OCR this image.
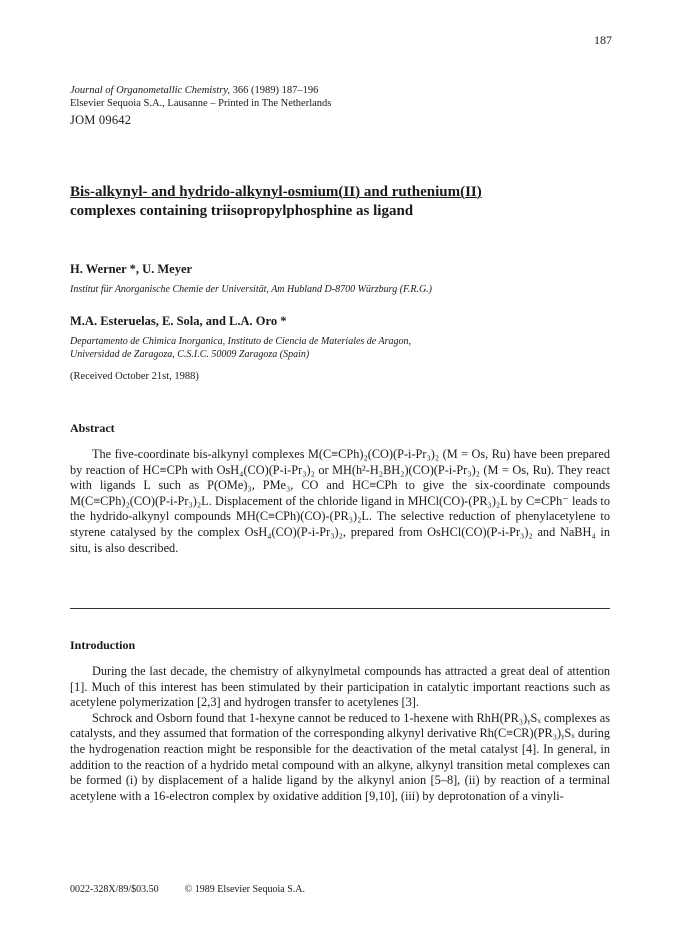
187
Journal of Organometallic Chemistry, 366 (1989) 187–196
Elsevier Sequoia S.A., Lausanne – Printed in The Netherlands
JOM 09642
Bis-alkynyl- and hydrido-alkynyl-osmium(II) and ruthenium(II)
complexes containing triisopropylphosphine as ligand
H. Werner *, U. Meyer
Institut für Anorganische Chemie der Universität, Am Hubland D-8700 Würzburg (F.R.G.)
M.A. Esteruelas, E. Sola, and L.A. Oro *
Departamento de Chimica Inorganica, Instituto de Ciencia de Materiales de Aragon,
Universidad de Zaragoza, C.S.I.C. 50009 Zaragoza (Spain)
(Received October 21st, 1988)
Abstract
The five-coordinate bis-alkynyl complexes M(C≡CPh)₂(CO)(P-i-Pr₃)₂ (M = Os, Ru) have been prepared by reaction of HC≡CPh with OsH₄(CO)(P-i-Pr₃)₂ or MH(h²-H₂BH₂)(CO)(P-i-Pr₃)₂ (M = Os, Ru). They react with ligands L such as P(OMe)₃, PMe₃, CO and HC≡CPh to give the six-coordinate compounds M(C≡CPh)₂(CO)(P-i-Pr₃)₂L. Displacement of the chloride ligand in MHCl(CO)-(PR₃)₂L by C≡CPh⁻ leads to the hydrido-alkynyl compounds MH(C≡CPh)(CO)-(PR₃)₂L. The selective reduction of phenylacetylene to styrene catalysed by the complex OsH₄(CO)(P-i-Pr₃)₂, prepared from OsHCl(CO)(P-i-Pr₃)₂ and NaBH₄ in situ, is also described.
Introduction

During the last decade, the chemistry of alkynylmetal compounds has attracted a great deal of attention [1]. Much of this interest has been stimulated by their participation in catalytic important reactions such as acetylene polymerization [2,3] and hydrogen transfer to acetylenes [3].

Schrock and Osborn found that 1-hexyne cannot be reduced to 1-hexene with RhH(PR₃)ᵧSₓ complexes as catalysts, and they assumed that formation of the corresponding alkynyl derivative Rh(C≡CR)(PR₃)ᵧSₓ during the hydrogenation reaction might be responsible for the deactivation of the metal catalyst [4]. In general, in addition to the reaction of a hydrido metal compound with an alkyne, alkynyl transition metal complexes can be formed (i) by displacement of a halide ligand by the alkynyl anion [5–8], (ii) by reaction of a terminal acetylene with a 16-electron complex by oxidative addition [9,10], (iii) by deprotonation of a vinyli-

0022-328X/89/$03.50	© 1989 Elsevier Sequoia S.A.
